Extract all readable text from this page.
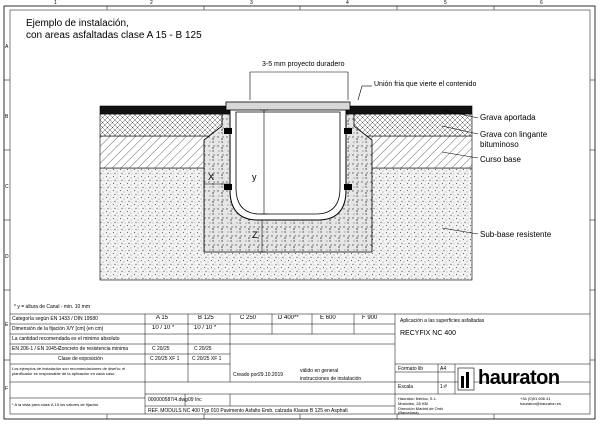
1	2	3	4	5	6
A
B
C
D
E
F
Ejemplo de instalación,
con areas asfaltadas clase A 15 - B 125
3-5 mm proyecto duradero
Unión fria que vierte el contenido
Grava aportada
Grava con lingante
bituminoso
Curso base
Sub-base resistente
X	y
Z
* y = altura de Canal - min. 10 mm
Categoría según EN 1433 / DIN 19580	A 15	B 125	C 250	D 400**	E 600	F 900
Dimensión de la fijación X/Y [cm] (en cm)	10 / 10 *	10 / 10 *
La cantidad recomendada es el minimo absoluto
EN 206-1 / EN 1045-2
Concreto de resistencia minima	C 20/25	C 20/25
Clase de exposición	C 20/25 XF 1	C 20/25 XF 1
Los ejemplos de instalación son recomendaciones de diseño; el planificador es responsable de la aplicación en cada caso.
* A la vista para clase A 15 los valores de fijación
Aplicación a las superficies asfaltadas
RECYFIX NC 400
Creado por:
29.10.2019
válido en general
instrucciones de instalación
Formato lib	A4
Escala	1:#
000000587/4.dwg 09 Inc
REF. MODULS NC 400 Typ 010 Pavimento Asfalto Emb. calzada Klasse B 125 en Asphalt
Hauraton Ibérica, S.L.
Móstoles, 28.936
Dirección Madrid de Ontó
(Barcelona)
+34 (0)91 606 41
hauraton@hauraton.es
hauraton
